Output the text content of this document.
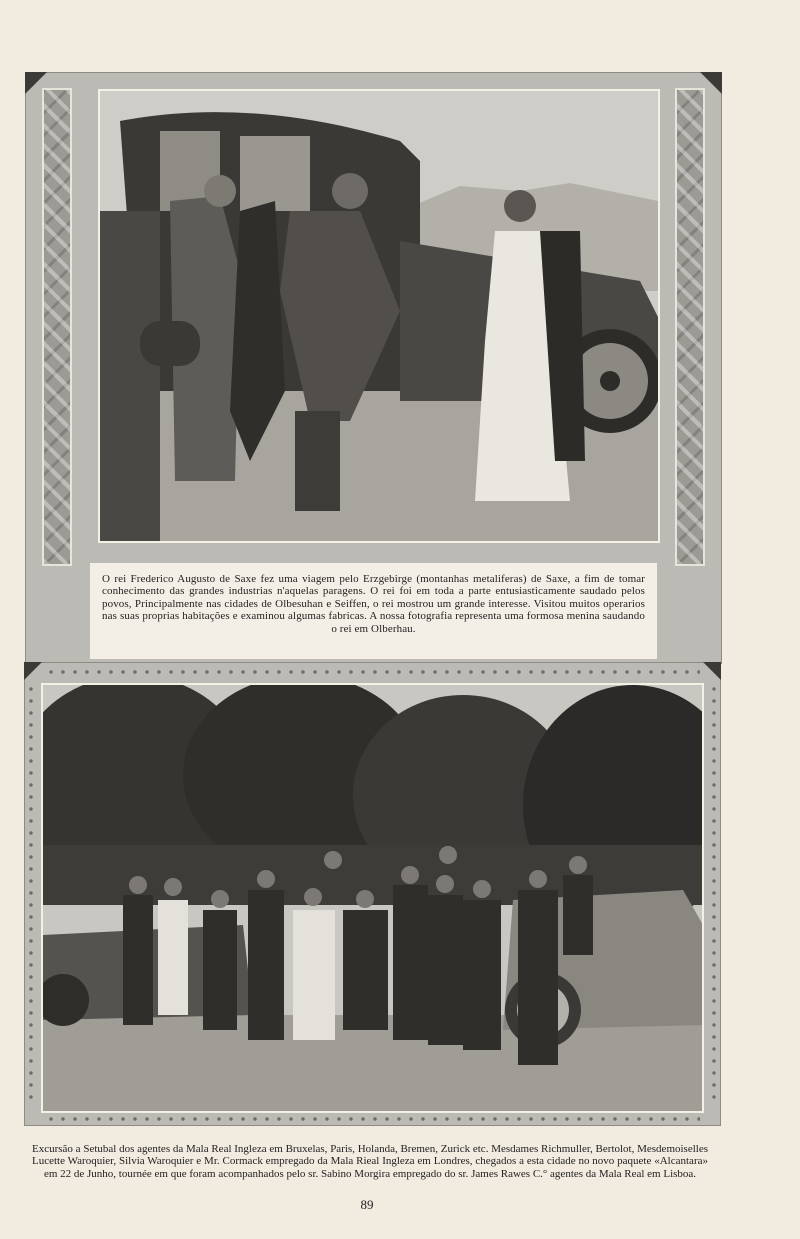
O rei Frederico Augusto de Saxe fez uma viagem pelo Erzgebirge (montanhas metaliferas) de Saxe, a fim de tomar conhecimento das grandes industrias n'aquelas paragens. O rei foi em toda a parte entusiasticamente saudado pelos povos, Principalmente nas cidades de Olbesuhan e Seiffen, o rei mostrou um grande interesse. Visitou muitos operarios nas suas proprias habitações e examinou algumas fabricas. A nossa fotografia representa uma formosa menina saudando o rei em Olberhau.
Excursão a Setubal dos agentes da Mala Real Ingleza em Bruxelas, Paris, Holanda, Bremen, Zurick etc. Mesdames Richmuller, Bertolot, Mesdemoiselles Lucette Waroquier, Silvia Waroquier e Mr. Cormack empregado da Mala Rieal Ingleza em Londres, chegados a esta cidade no novo paquete «Alcantara» em 22 de Junho, tournée em que foram acompanhados pelo sr. Sabino Morgira empregado do sr. James Rawes C.° agentes da Mala Real em Lisboa.
89
